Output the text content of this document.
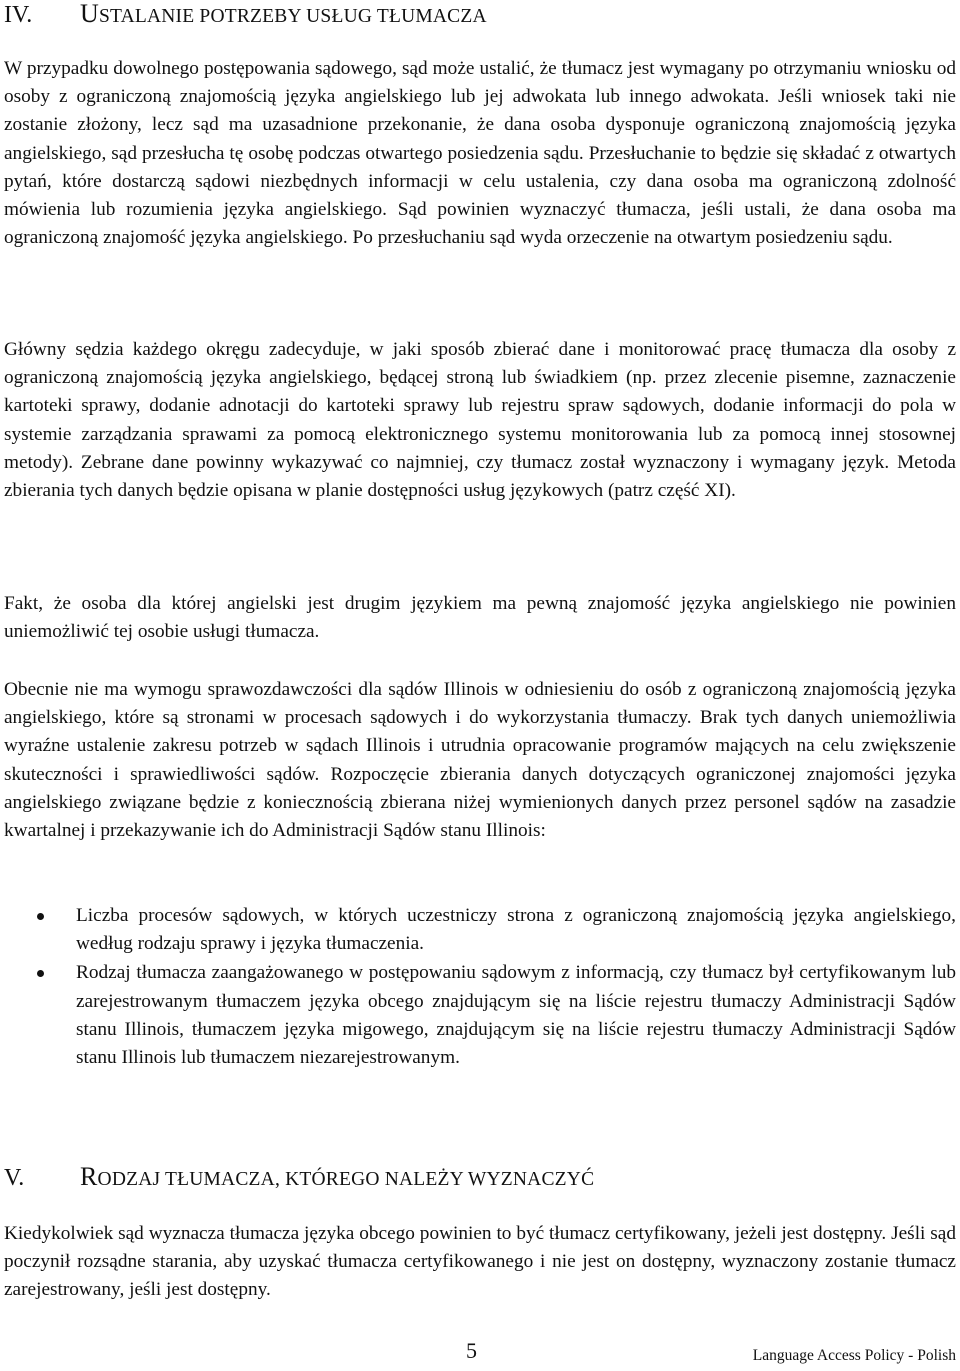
IV.	USTALANIE POTRZEBY USŁUG TŁUMACZA

W przypadku dowolnego postępowania sądowego, sąd może ustalić, że tłumacz jest wymagany po otrzymaniu wniosku od osoby z ograniczoną znajomością języka angielskiego lub jej adwokata lub innego adwokata. Jeśli wniosek taki nie zostanie złożony, lecz sąd ma uzasadnione przekonanie, że dana osoba dysponuje ograniczoną znajomością języka angielskiego, sąd przesłucha tę osobę podczas otwartego posiedzenia sądu. Przesłuchanie to będzie się składać z otwartych pytań, które dostarczą sądowi niezbędnych informacji w celu ustalenia, czy dana osoba ma ograniczoną zdolność mówienia lub rozumienia języka angielskiego. Sąd powinien wyznaczyć tłumacza, jeśli ustali, że dana osoba ma ograniczoną znajomość języka angielskiego. Po przesłuchaniu sąd wyda orzeczenie na otwartym posiedzeniu sądu.

Główny sędzia każdego okręgu zadecyduje, w jaki sposób zbierać dane i monitorować pracę tłumacza dla osoby z ograniczoną znajomością języka angielskiego, będącej stroną lub świadkiem (np. przez zlecenie pisemne, zaznaczenie kartoteki sprawy, dodanie adnotacji do kartoteki sprawy lub rejestru spraw sądowych, dodanie informacji do pola w systemie zarządzania sprawami za pomocą elektronicznego systemu monitorowania lub za pomocą innej stosownej metody). Zebrane dane powinny wykazywać co najmniej, czy tłumacz został wyznaczony i wymagany język. Metoda zbierania tych danych będzie opisana w planie dostępności usług językowych (patrz część XI).

Fakt, że osoba dla której angielski jest drugim językiem ma pewną znajomość języka angielskiego nie powinien uniemożliwić tej osobie usługi tłumacza.

Obecnie nie ma wymogu sprawozdawczości dla sądów Illinois w odniesieniu do osób z ograniczoną znajomością języka angielskiego, które są stronami w procesach sądowych i do wykorzystania tłumaczy. Brak tych danych uniemożliwia wyraźne ustalenie zakresu potrzeb w sądach Illinois i utrudnia opracowanie programów mających na celu zwiększenie skuteczności i sprawiedliwości sądów. Rozpoczęcie zbierania danych dotyczących ograniczonej znajomości języka angielskiego związane będzie z koniecznością zbierana niżej wymienionych danych przez personel sądów na zasadzie kwartalnej i przekazywanie ich do Administracji Sądów stanu Illinois:

Liczba procesów sądowych, w których uczestniczy strona z ograniczoną znajomością języka angielskiego, według rodzaju sprawy i języka tłumaczenia.
Rodzaj tłumacza zaangażowanego w postępowaniu sądowym z informacją, czy tłumacz był certyfikowanym lub zarejestrowanym tłumaczem języka obcego znajdującym się na liście rejestru tłumaczy Administracji Sądów stanu Illinois, tłumaczem języka migowego, znajdującym się na liście rejestru tłumaczy Administracji Sądów stanu Illinois lub tłumaczem niezarejestrowanym.
V.	RODZAJ TŁUMACZA, KTÓREGO NALEŻY WYZNACZYĆ

Kiedykolwiek sąd wyznacza tłumacza języka obcego powinien to być tłumacz certyfikowany, jeżeli jest dostępny. Jeśli sąd poczynił rozsądne starania, aby uzyskać tłumacza certyfikowanego i nie jest on dostępny, wyznaczony zostanie tłumacz zarejestrowany, jeśli jest dostępny.

5	Language Access Policy - Polish
